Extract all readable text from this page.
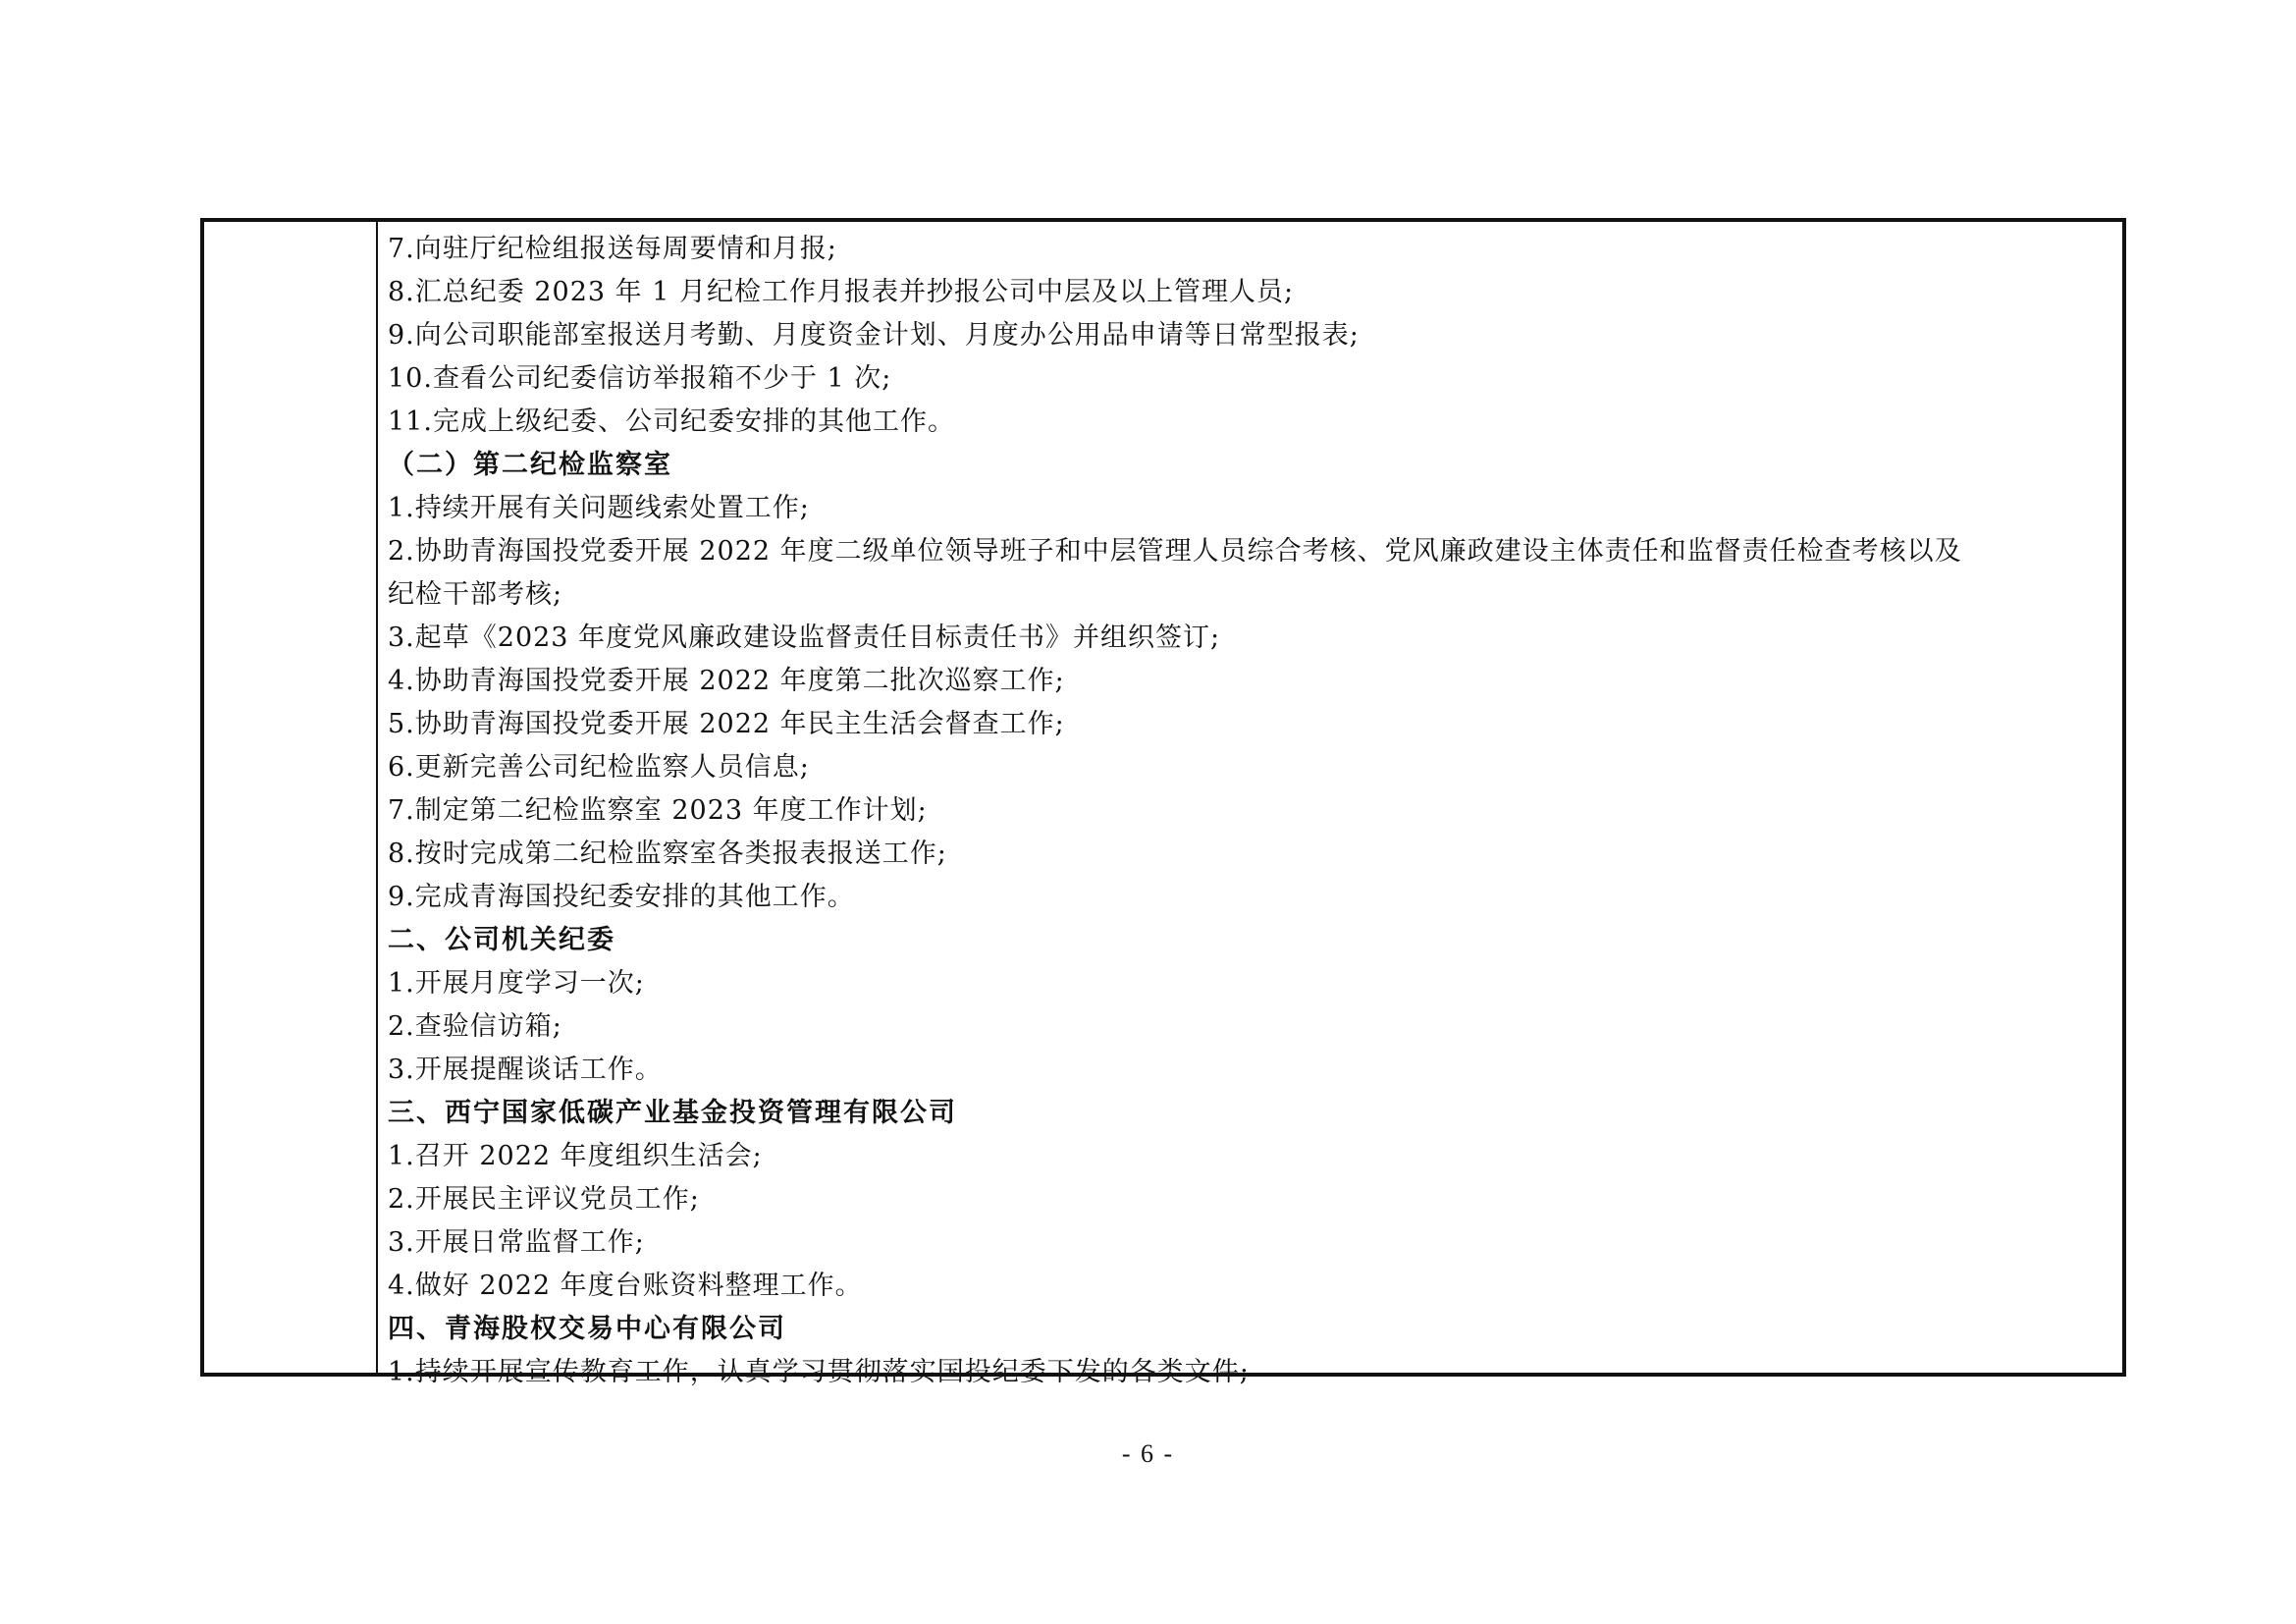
7.向驻厅纪检组报送每周要情和月报;
8.汇总纪委 2023 年 1 月纪检工作月报表并抄报公司中层及以上管理人员;
9.向公司职能部室报送月考勤、月度资金计划、月度办公用品申请等日常型报表;
10.查看公司纪委信访举报箱不少于 1 次;
11.完成上级纪委、公司纪委安排的其他工作。
（二）第二纪检监察室
1.持续开展有关问题线索处置工作;
2.协助青海国投党委开展 2022 年度二级单位领导班子和中层管理人员综合考核、党风廉政建设主体责任和监督责任检查考核以及
纪检干部考核;
3.起草《2023 年度党风廉政建设监督责任目标责任书》并组织签订;
4.协助青海国投党委开展 2022 年度第二批次巡察工作;
5.协助青海国投党委开展 2022 年民主生活会督查工作;
6.更新完善公司纪检监察人员信息;
7.制定第二纪检监察室 2023 年度工作计划;
8.按时完成第二纪检监察室各类报表报送工作;
9.完成青海国投纪委安排的其他工作。
二、公司机关纪委
1.开展月度学习一次;
2.查验信访箱;
3.开展提醒谈话工作。
三、西宁国家低碳产业基金投资管理有限公司
1.召开 2022 年度组织生活会;
2.开展民主评议党员工作;
3.开展日常监督工作;
4.做好 2022 年度台账资料整理工作。
四、青海股权交易中心有限公司
1.持续开展宣传教育工作，认真学习贯彻落实国投纪委下发的各类文件;
- 6 -
